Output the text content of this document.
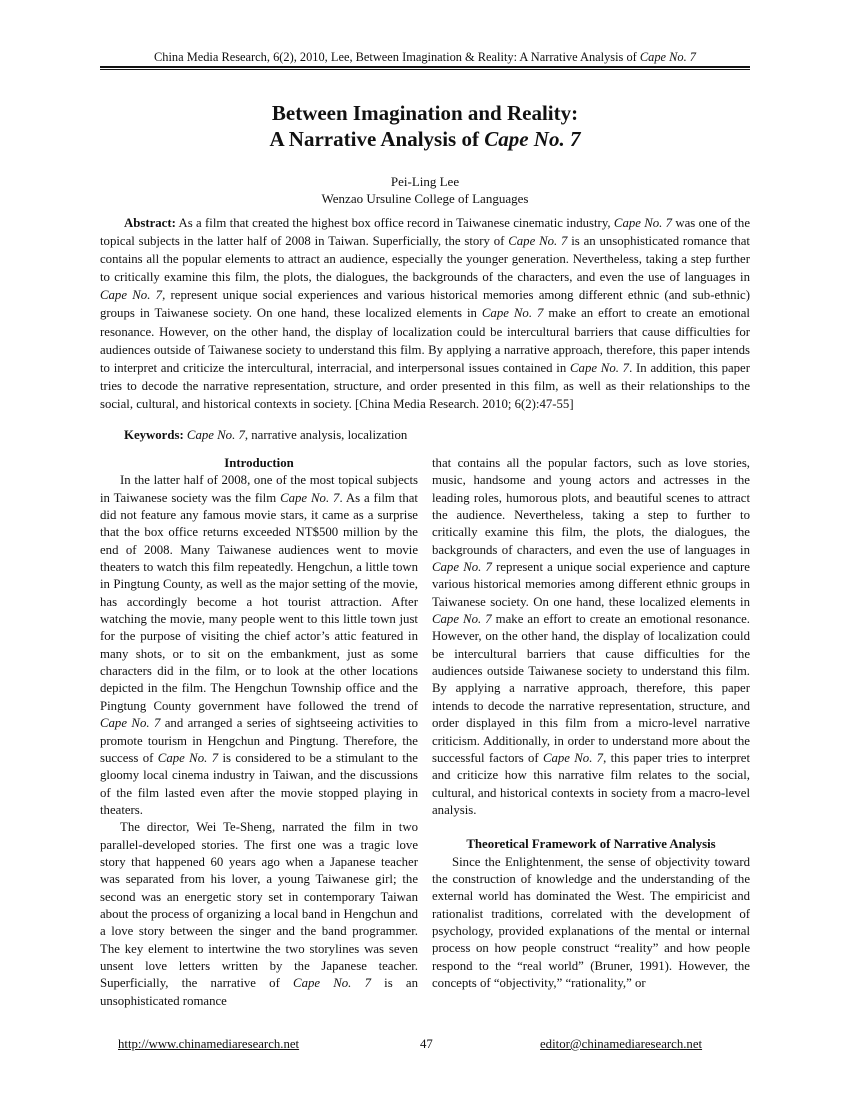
China Media Research, 6(2), 2010, Lee, Between Imagination & Reality: A Narrative Analysis of Cape No. 7
Between Imagination and Reality:
A Narrative Analysis of Cape No. 7
Pei-Ling Lee
Wenzao Ursuline College of Languages

Abstract: As a film that created the highest box office record in Taiwanese cinematic industry, Cape No. 7 was one of the topical subjects in the latter half of 2008 in Taiwan. Superficially, the story of Cape No. 7 is an unsophisticated romance that contains all the popular elements to attract an audience, especially the younger generation. Nevertheless, taking a step further to critically examine this film, the plots, the dialogues, the backgrounds of the characters, and even the use of languages in Cape No. 7, represent unique social experiences and various historical memories among different ethnic (and sub-ethnic) groups in Taiwanese society. On one hand, these localized elements in Cape No. 7 make an effort to create an emotional resonance. However, on the other hand, the display of localization could be intercultural barriers that cause difficulties for audiences outside of Taiwanese society to understand this film. By applying a narrative approach, therefore, this paper intends to interpret and criticize the intercultural, interracial, and interpersonal issues contained in Cape No. 7. In addition, this paper tries to decode the narrative representation, structure, and order presented in this film, as well as their relationships to the social, cultural, and historical contexts in society. [China Media Research. 2010; 6(2):47-55]

Keywords: Cape No. 7, narrative analysis, localization

Introduction

In the latter half of 2008, one of the most topical subjects in Taiwanese society was the film Cape No. 7. As a film that did not feature any famous movie stars, it came as a surprise that the box office returns exceeded NT$500 million by the end of 2008. Many Taiwanese audiences went to movie theaters to watch this film repeatedly. Hengchun, a little town in Pingtung County, as well as the major setting of the movie, has accordingly become a hot tourist attraction. After watching the movie, many people went to this little town just for the purpose of visiting the chief actor’s attic featured in many shots, or to sit on the embankment, just as some characters did in the film, or to look at the other locations depicted in the film. The Hengchun Township office and the Pingtung County government have followed the trend of Cape No. 7 and arranged a series of sightseeing activities to promote tourism in Hengchun and Pingtung. Therefore, the success of Cape No. 7 is considered to be a stimulant to the gloomy local cinema industry in Taiwan, and the discussions of the film lasted even after the movie stopped playing in theaters.

The director, Wei Te-Sheng, narrated the film in two parallel-developed stories. The first one was a tragic love story that happened 60 years ago when a Japanese teacher was separated from his lover, a young Taiwanese girl; the second was an energetic story set in contemporary Taiwan about the process of organizing a local band in Hengchun and a love story between the singer and the band programmer. The key element to intertwine the two storylines was seven unsent love letters written by the Japanese teacher. Superficially, the narrative of Cape No. 7 is an unsophisticated romance

that contains all the popular factors, such as love stories, music, handsome and young actors and actresses in the leading roles, humorous plots, and beautiful scenes to attract the audience. Nevertheless, taking a step to further to critically examine this film, the plots, the dialogues, the backgrounds of characters, and even the use of languages in Cape No. 7 represent a unique social experience and capture various historical memories among different ethnic groups in Taiwanese society. On one hand, these localized elements in Cape No. 7 make an effort to create an emotional resonance. However, on the other hand, the display of localization could be intercultural barriers that cause difficulties for the audiences outside Taiwanese society to understand this film. By applying a narrative approach, therefore, this paper intends to decode the narrative representation, structure, and order displayed in this film from a micro-level narrative criticism. Additionally, in order to understand more about the successful factors of Cape No. 7, this paper tries to interpret and criticize how this narrative film relates to the social, cultural, and historical contexts in society from a macro-level analysis.

Theoretical Framework of Narrative Analysis

Since the Enlightenment, the sense of objectivity toward the construction of knowledge and the understanding of the external world has dominated the West. The empiricist and rationalist traditions, correlated with the development of psychology, provided explanations of the mental or internal process on how people construct “reality” and how people respond to the “real world” (Bruner, 1991). However, the concepts of “objectivity,” “rationality,” or

http://www.chinamediaresearch.net	47	editor@chinamediaresearch.net
